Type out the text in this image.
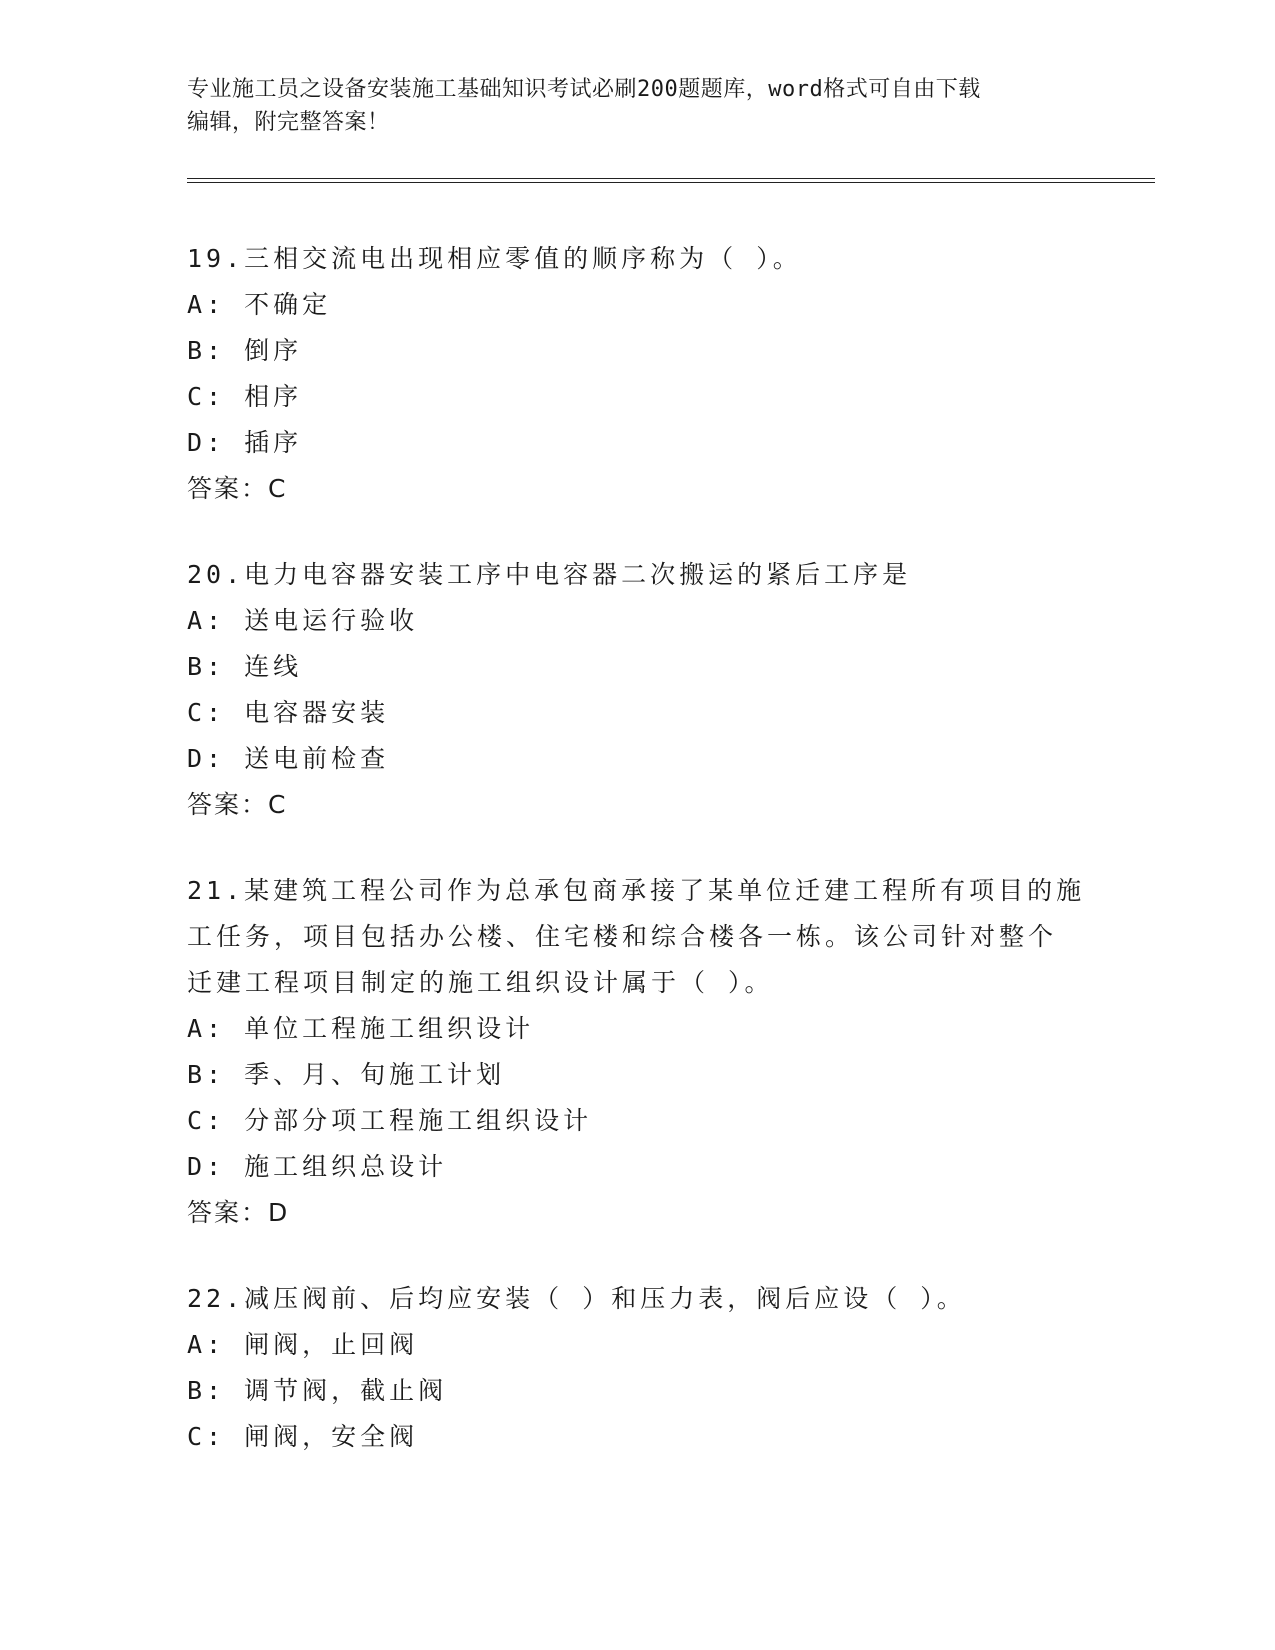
专业施工员之设备安装施工基础知识考试必刷200题题库，word格式可自由下载
编辑，附完整答案！
19.三相交流电出现相应零值的顺序称为（ ）。
A: 不确定
B: 倒序
C: 相序
D: 插序
答案：C
20.电力电容器安装工序中电容器二次搬运的紧后工序是
A: 送电运行验收
B: 连线
C: 电容器安装
D: 送电前检查
答案：C
21.某建筑工程公司作为总承包商承接了某单位迁建工程所有项目的施
工任务，项目包括办公楼、住宅楼和综合楼各一栋。该公司针对整个
迁建工程项目制定的施工组织设计属于（ ）。
A: 单位工程施工组织设计
B: 季、月、旬施工计划
C: 分部分项工程施工组织设计
D: 施工组织总设计
答案：D
22.减压阀前、后均应安装（ ）和压力表，阀后应设（ ）。
A: 闸阀，止回阀
B: 调节阀，截止阀
C: 闸阀，安全阀
